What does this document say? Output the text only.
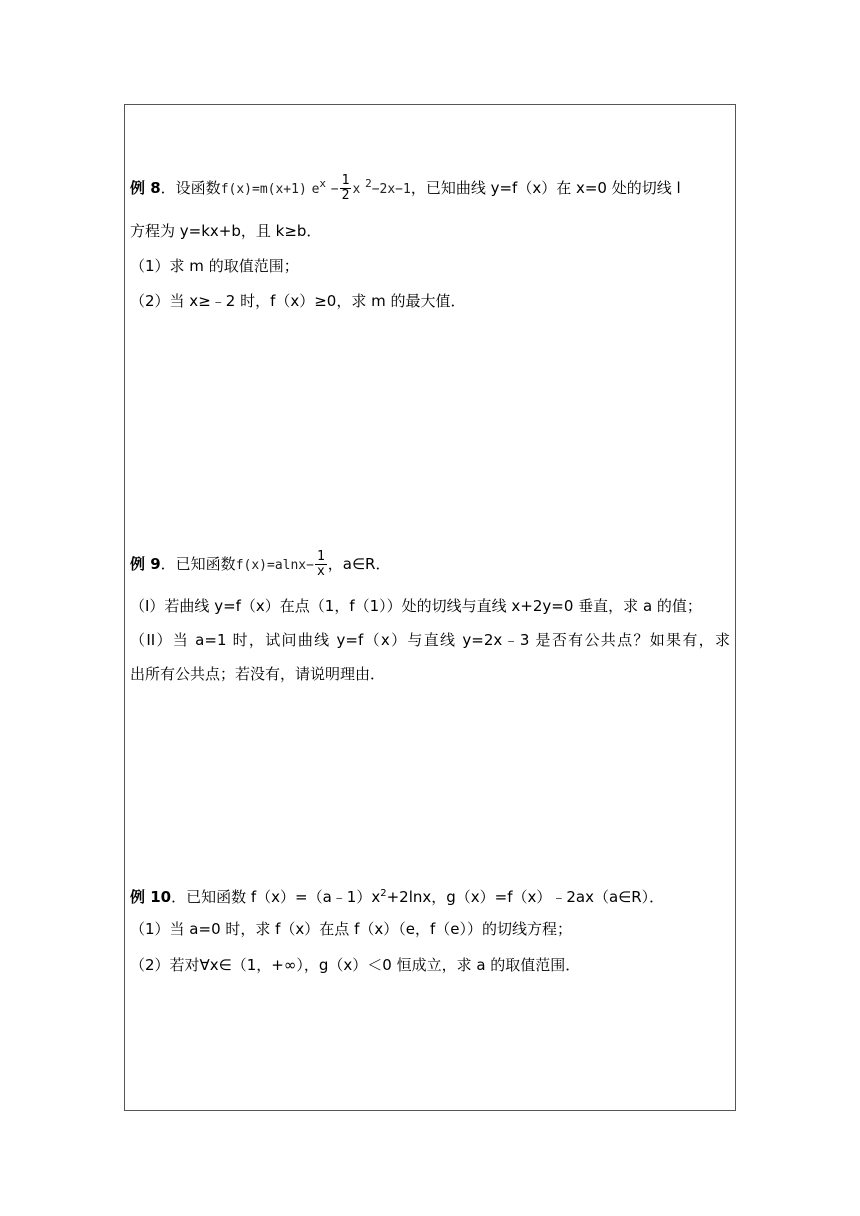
例 8．设函数f(x)=m(x+1) $e^x - \frac{1}{2}$ x $^2$−2x−1，已知曲线 y=f（x）在 x=0 处的切线 l
方程为 y=kx+b，且 k≥b．
（1）求 m 的取值范围；
（2）当 x≥﹣2 时，f（x）≥0，求 m 的最大值．
例 9．已知函数$f(x)=alnx- \frac{1}{x}$ ，a∈R．
（I）若曲线 y=f（x）在点（1，f（1））处的切线与直线 x+2y=0 垂直，求 a 的值；
（II）当 a=1 时，试问曲线 y=f（x）与直线 y=2x﹣3 是否有公共点？如果有，求
出所有公共点；若没有，请说明理由．
例 10．已知函数 $f(x)=(a﹣1)x^2+2\ln x$，g（x）=f（x）﹣2ax（a∈R）．
（1）当 a=0 时，求 f（x）在点 f（x）（e，f（e））的切线方程；
（2）若对∀x∈（1，+∞），g（x）＜0 恒成立，求 a 的取值范围．
